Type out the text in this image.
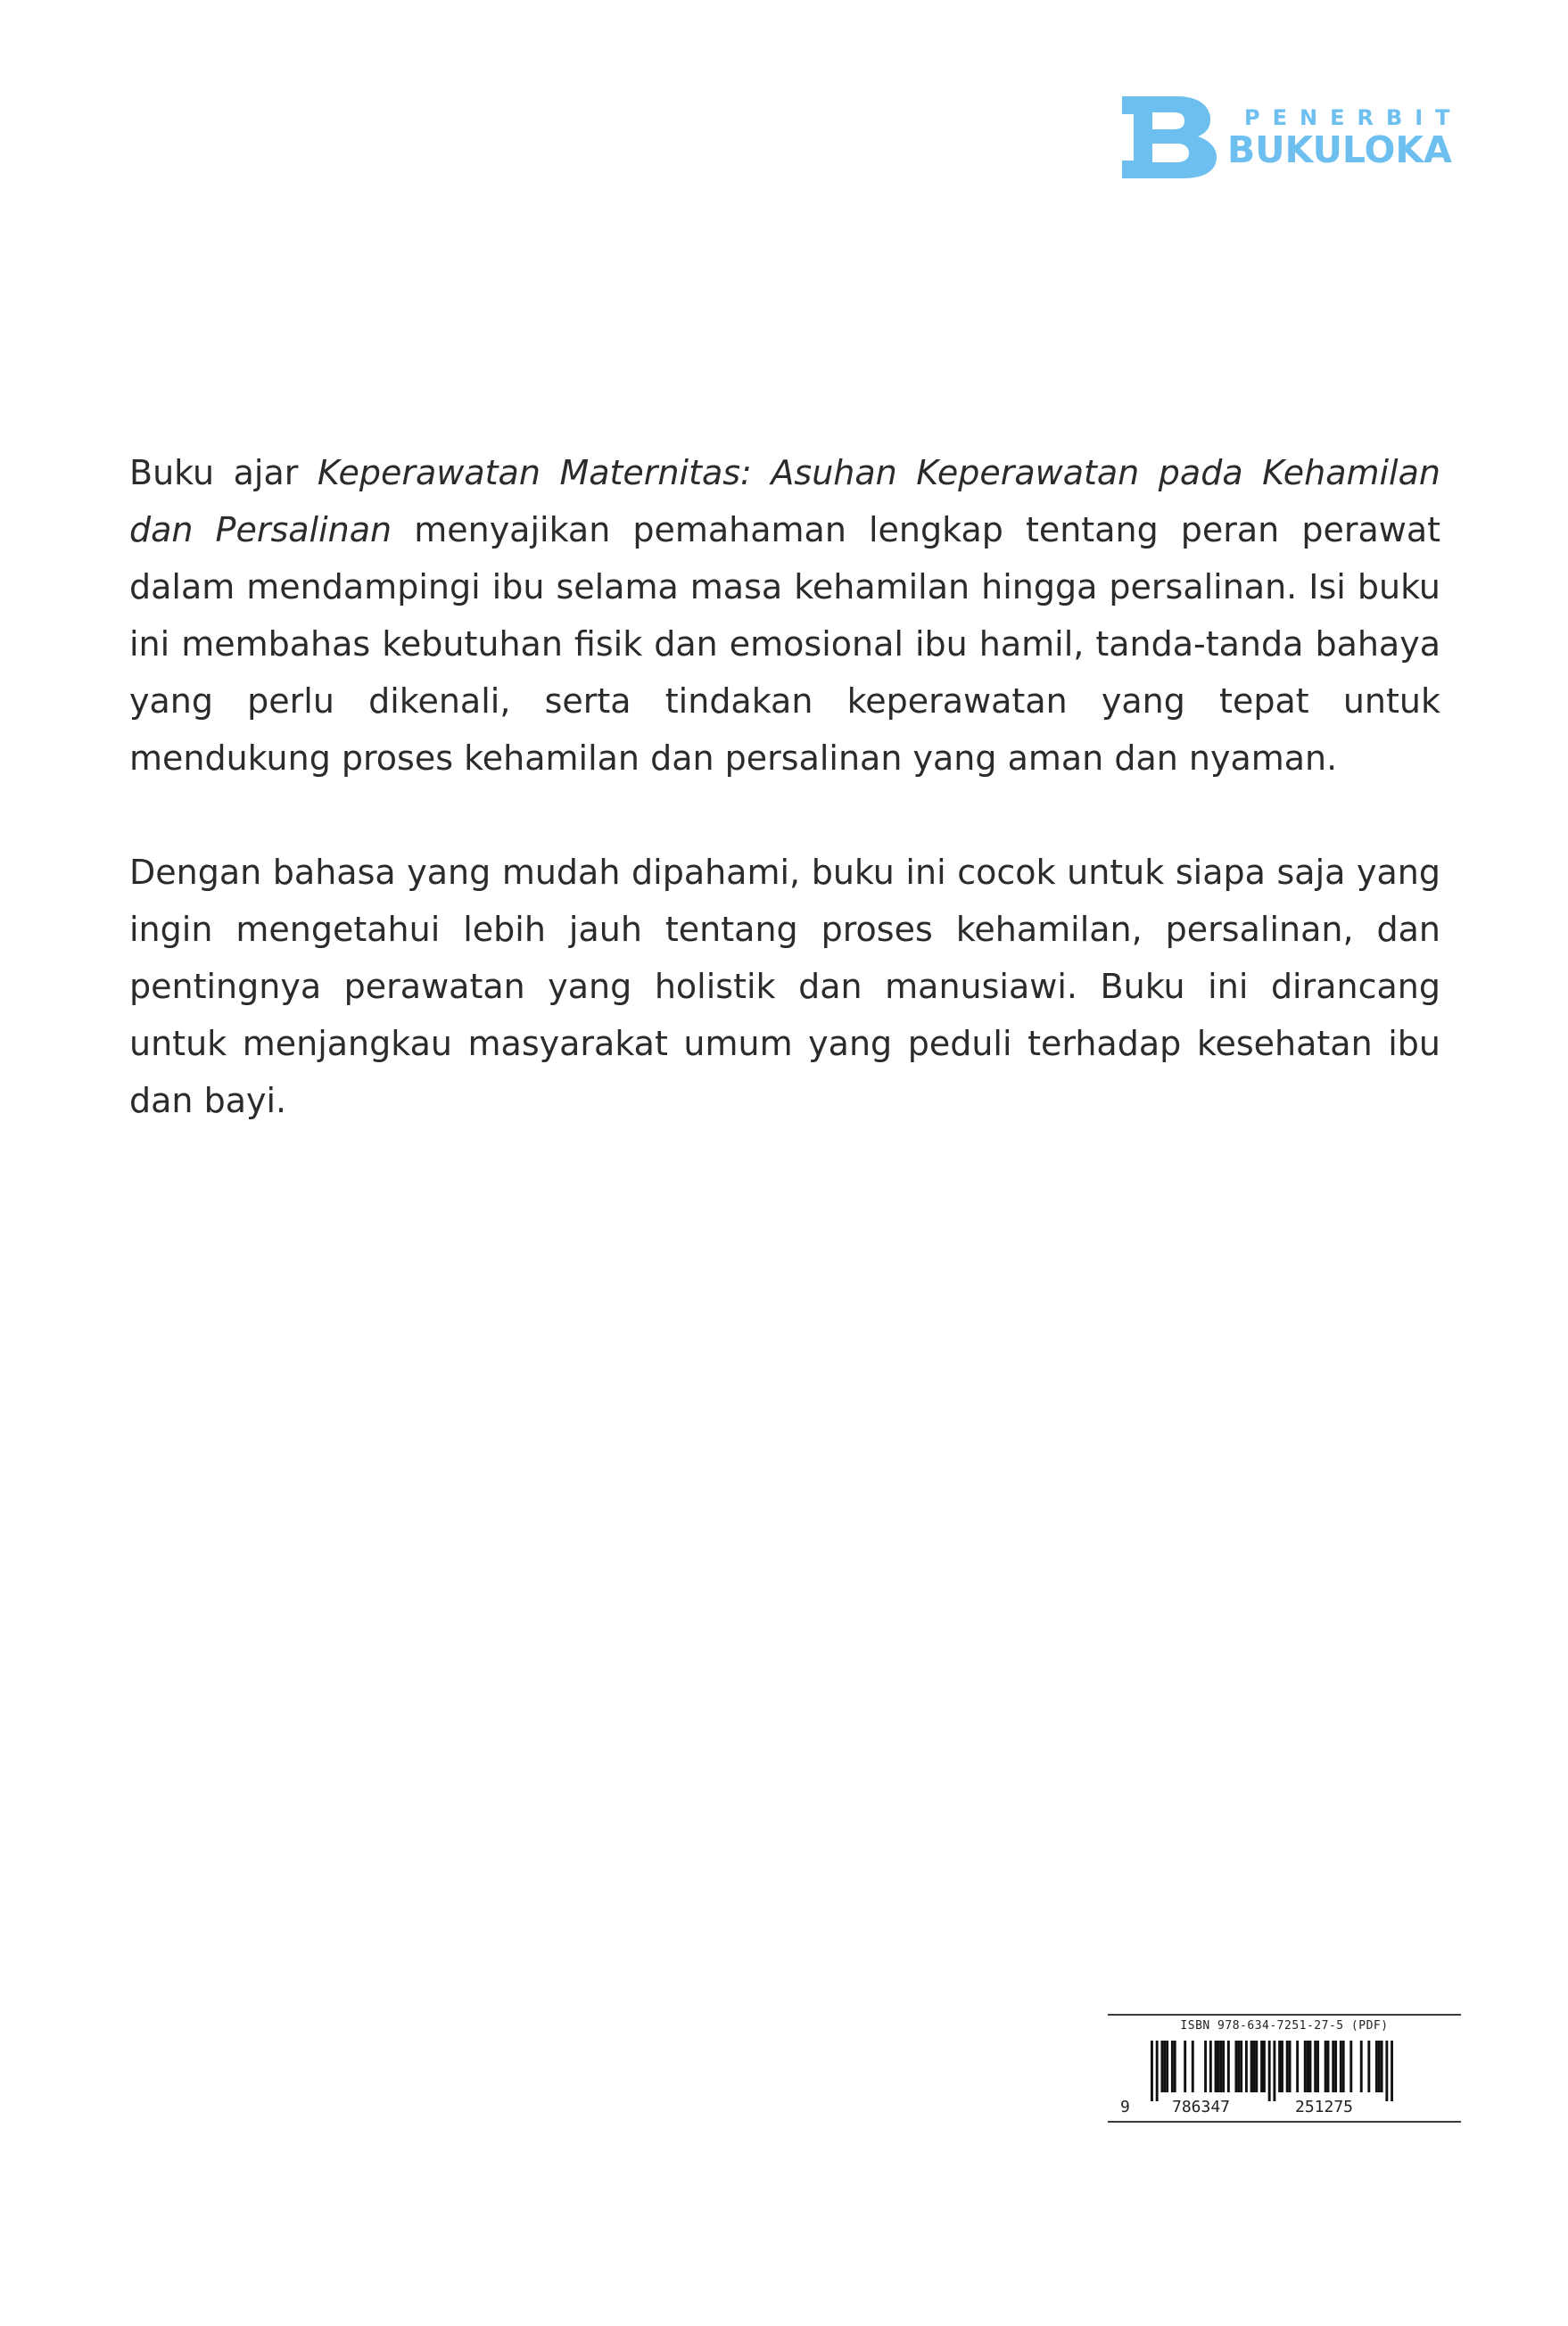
PENERBIT
BUKULOKA

Buku ajar Keperawatan Maternitas: Asuhan Keperawatan pada Kehamilan dan Persalinan menyajikan pemahaman lengkap tentang peran perawat dalam mendampingi ibu selama masa kehamilan hingga persalinan. Isi buku ini membahas kebutuhan fisik dan emosional ibu hamil, tanda-tanda bahaya yang perlu dikenali, serta tindakan keperawatan yang tepat untuk mendukung proses kehamilan dan persalinan yang aman dan nyaman.

Dengan bahasa yang mudah dipahami, buku ini cocok untuk siapa saja yang ingin mengetahui lebih jauh tentang proses kehamilan, persalinan, dan pentingnya perawatan yang holistik dan manusiawi. Buku ini dirancang untuk menjangkau masyarakat umum yang peduli terhadap kesehatan ibu dan bayi.

ISBN 978-634-7251-27-5 (PDF)
9	786347	251275
